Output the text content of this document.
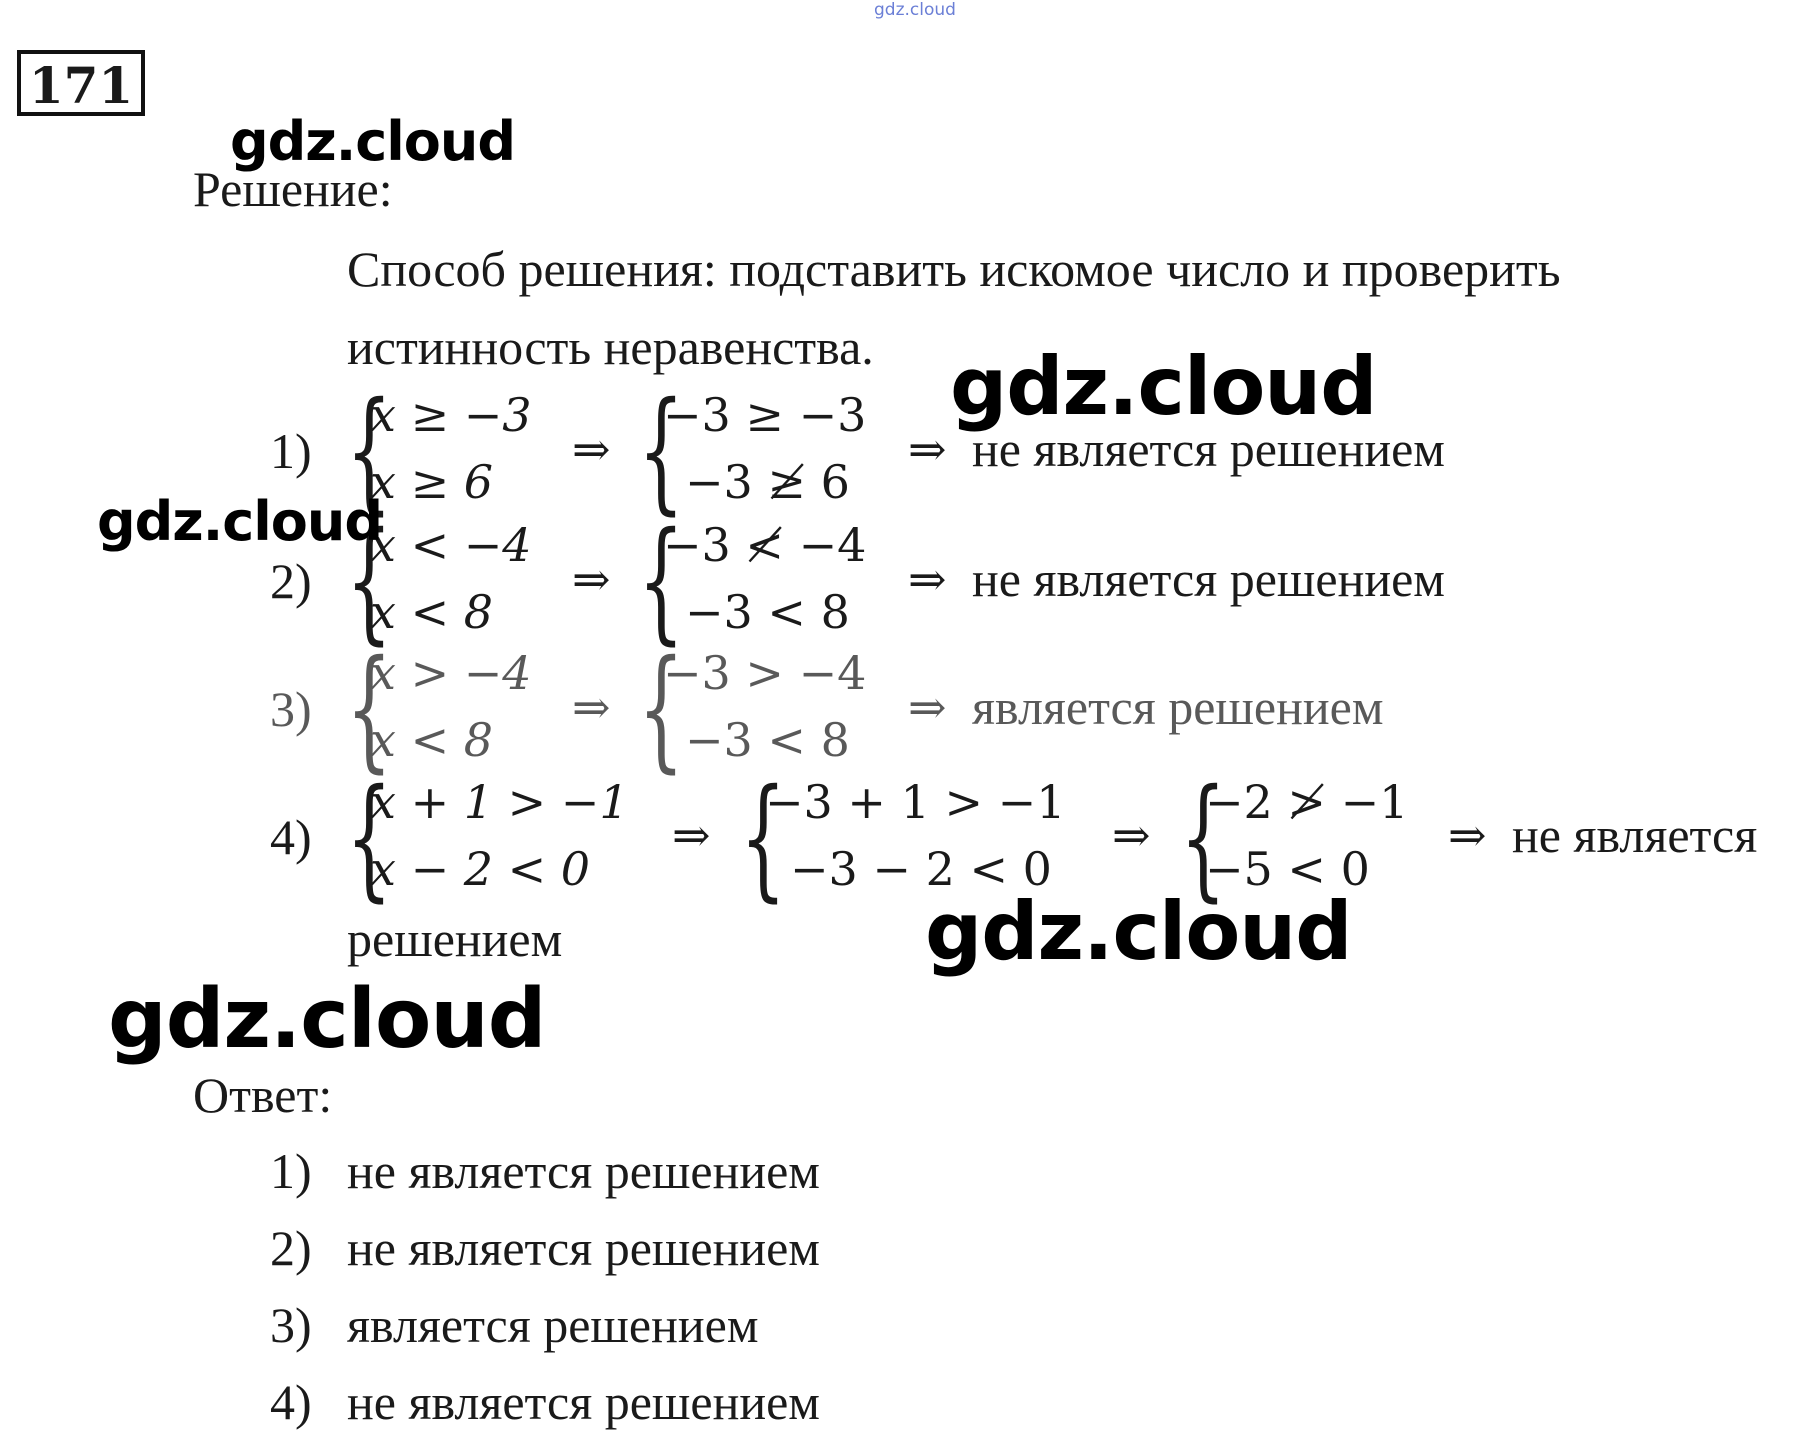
gdz.cloud
171
Решение:
Способ решения: подставить искомое число и проверить
истинность неравенства.
1) {
x ≥ −3
x ≥ 6
⇒ {
−3 ≥ −3
−3 ≱ 6
⇒ не является решением
2) {
x < −4
x < 8
⇒ {
−3 ≮ −4
−3 < 8
⇒ не является решением
3) {
x > −4
x < 8
⇒ {
−3 > −4
−3 < 8
⇒ является решением
4) {
x + 1 > −1
x − 2 < 0
⇒ {
−3 + 1 > −1
−3 − 2 < 0
⇒ {
−2 ≯ −1
−5 < 0
⇒ не является
решением
Ответ:
1) не является решением
2) не является решением
3) является решением
4) не является решением
gdz.cloud
gdz.cloud
gdz.cloud
gdz.cloud
gdz.cloud
